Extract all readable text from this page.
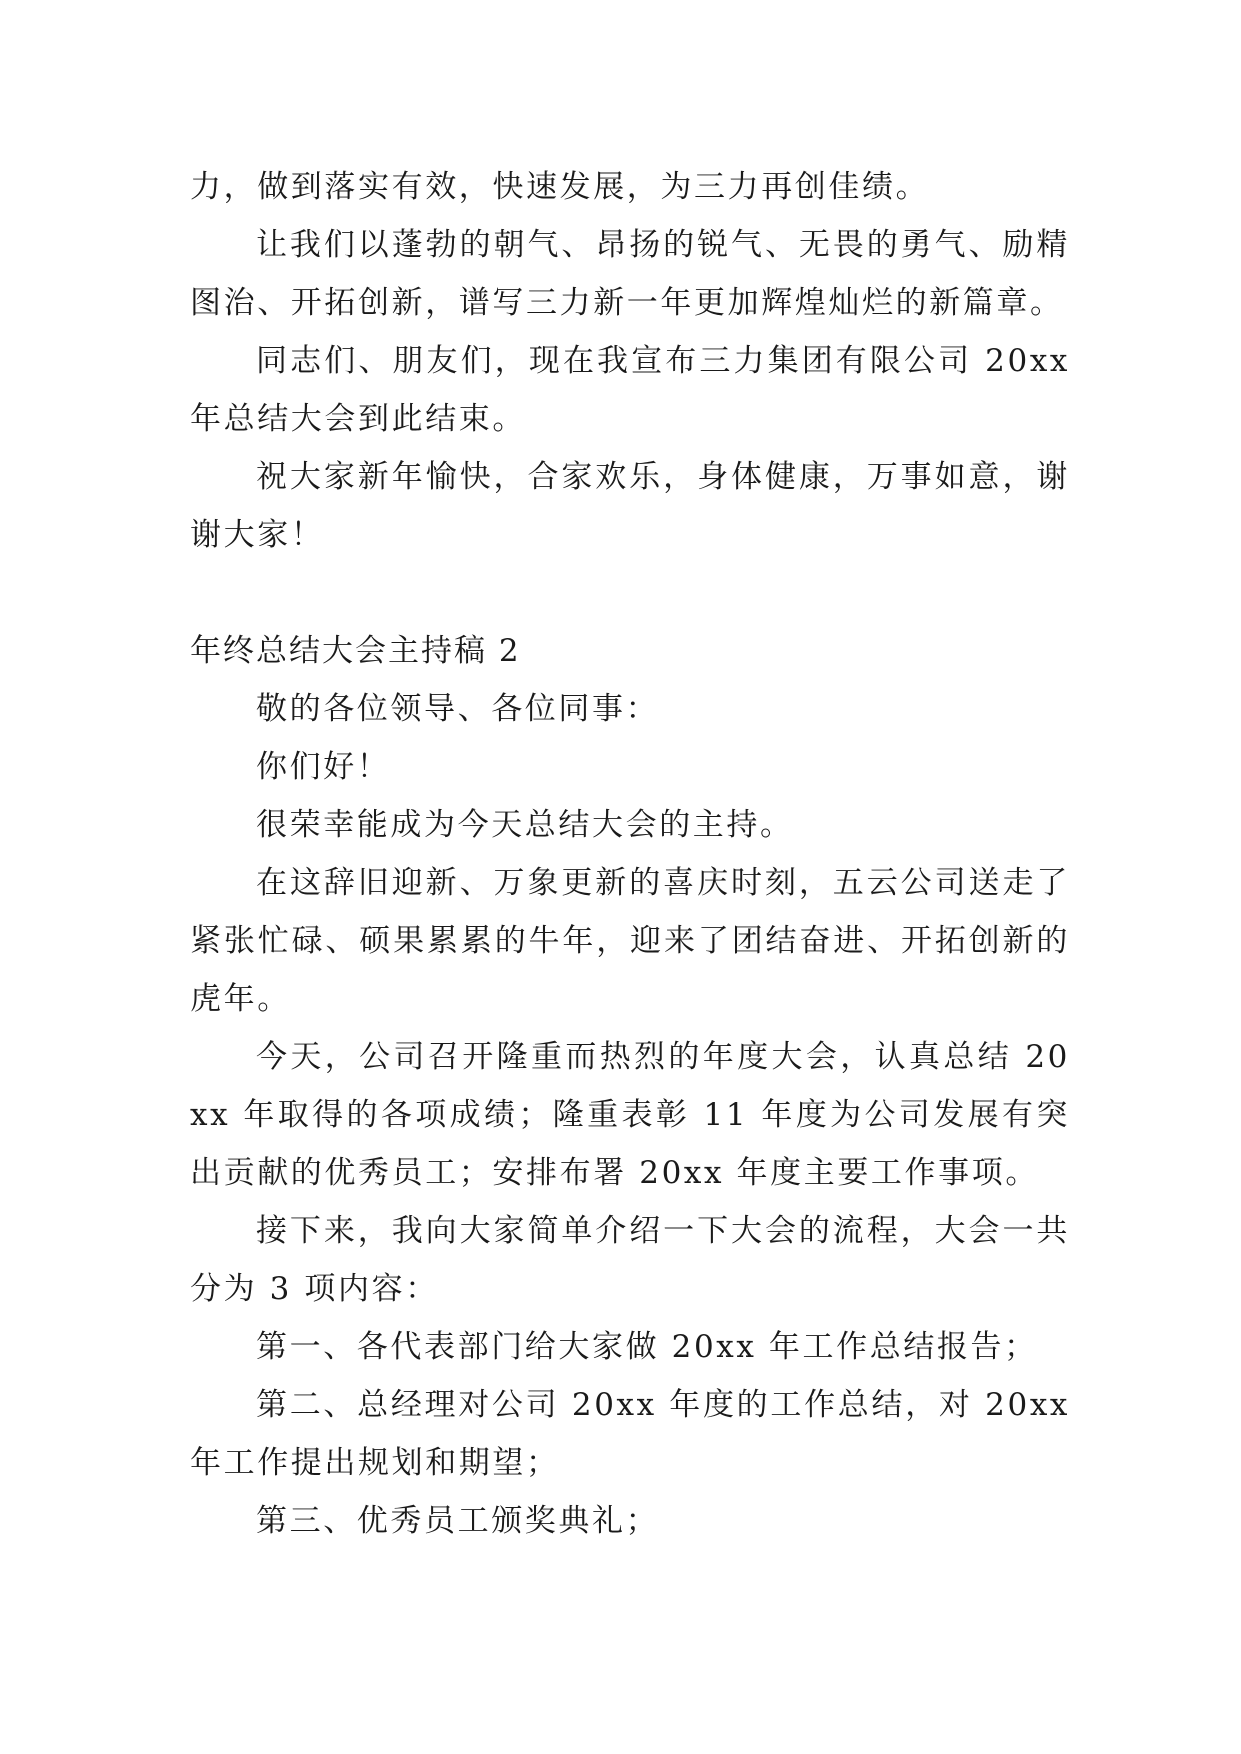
力，做到落实有效，快速发展，为三力再创佳绩。

让我们以蓬勃的朝气、昂扬的锐气、无畏的勇气、励精图治、开拓创新，谱写三力新一年更加辉煌灿烂的新篇章。

同志们、朋友们，现在我宣布三力集团有限公司 20xx 年总结大会到此结束。

祝大家新年愉快，合家欢乐，身体健康，万事如意，谢谢大家！

年终总结大会主持稿 2

敬的各位领导、各位同事：

你们好！

很荣幸能成为今天总结大会的主持。

在这辞旧迎新、万象更新的喜庆时刻，五云公司送走了紧张忙碌、硕果累累的牛年，迎来了团结奋进、开拓创新的虎年。

今天，公司召开隆重而热烈的年度大会，认真总结 20xx 年取得的各项成绩；隆重表彰 11 年度为公司发展有突出贡献的优秀员工；安排布署 20xx 年度主要工作事项。

接下来，我向大家简单介绍一下大会的流程，大会一共分为 3 项内容：

第一、各代表部门给大家做 20xx 年工作总结报告；

第二、总经理对公司 20xx 年度的工作总结，对 20xx 年工作提出规划和期望；

第三、优秀员工颁奖典礼；
